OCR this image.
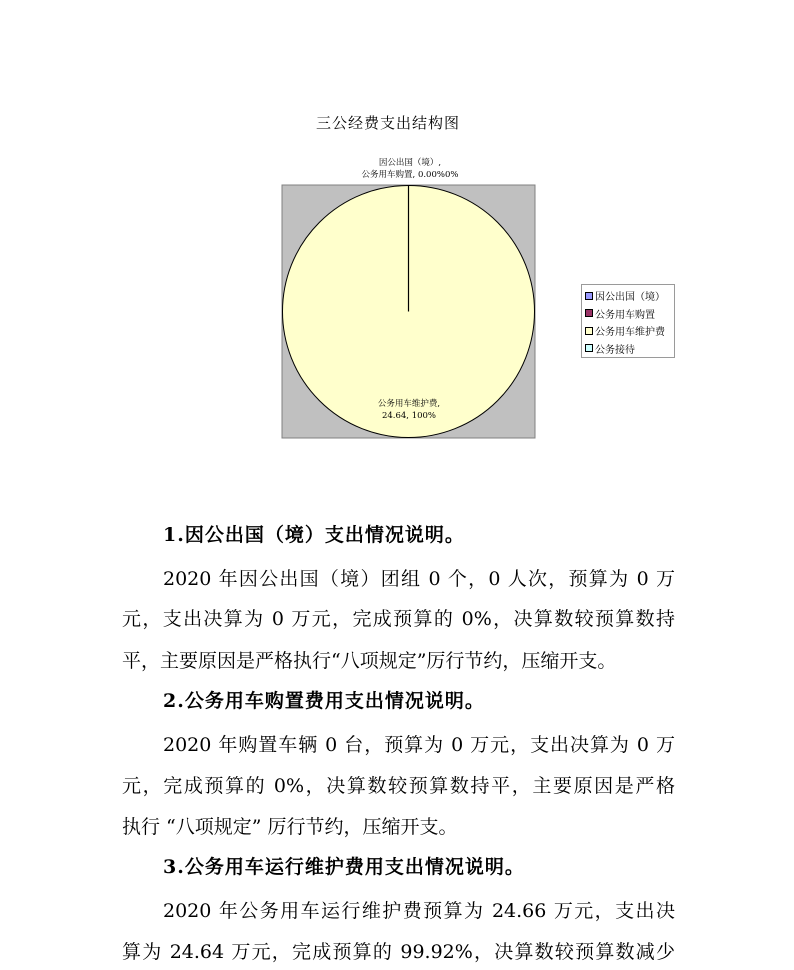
三公经费支出结构图
因公出国（境）,
公务用车购置, 0.00%0%
公务用车维护费,
24.64, 100%
因公出国（境）
公务用车购置
公务用车维护费
公务接待
1.因公出国（境）支出情况说明。
2020 年因公出国（境）团组 0 个，0 人次，预算为 0 万
元，支出决算为 0 万元，完成预算的 0%，决算数较预算数持
平，主要原因是严格执行“八项规定”厉行节约，压缩开支。
2.公务用车购置费用支出情况说明。
2020 年购置车辆 0 台，预算为 0 万元，支出决算为 0 万
元，完成预算的 0%，决算数较预算数持平，主要原因是严格
执行 “八项规定” 厉行节约，压缩开支。
3.公务用车运行维护费用支出情况说明。
2020 年公务用车运行维护费预算为 24.66 万元，支出决
算为 24.64 万元，完成预算的 99.92%，决算数较预算数减少
